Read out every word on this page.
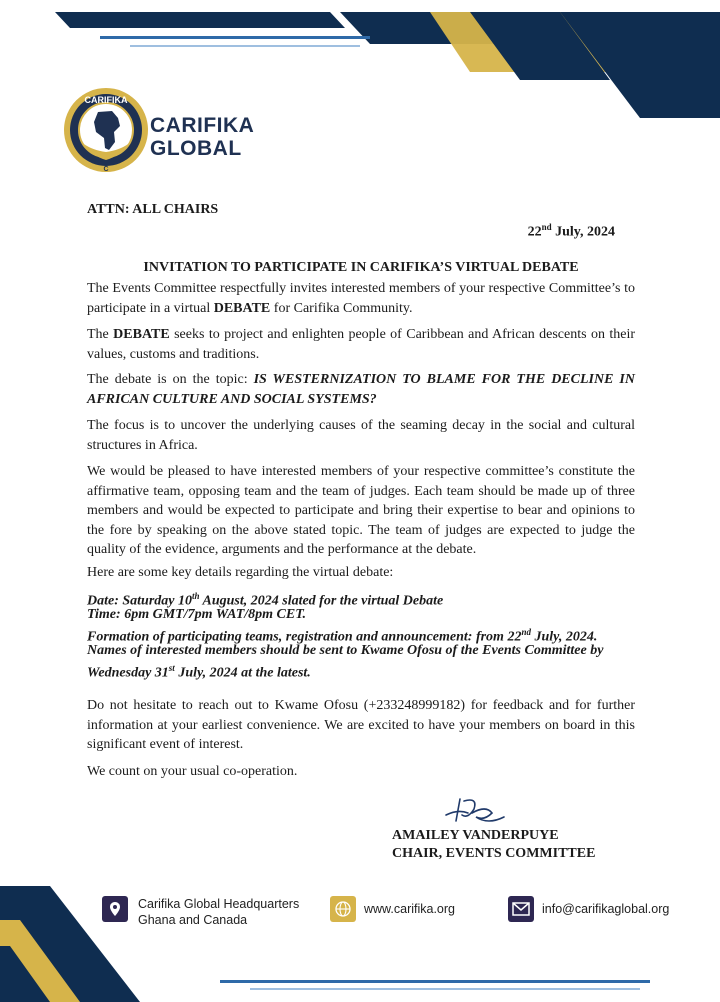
CARIFIKA
C
CARIFIKA
GLOBAL
ATTN: ALL CHAIRS
22nd July, 2024
INVITATION TO PARTICIPATE IN CARIFIKA’S VIRTUAL DEBATE
The Events Committee respectfully invites interested members of your respective Committee’s to participate in a virtual DEBATE for Carifika Community.
The DEBATE seeks to project and enlighten people of Caribbean and African descents on their values, customs and traditions.
The debate is on the topic: IS WESTERNIZATION TO BLAME FOR THE DECLINE IN AFRICAN CULTURE AND SOCIAL SYSTEMS?
The focus is to uncover the underlying causes of the seaming decay in the social and cultural structures in Africa.
We would be pleased to have interested members of your respective committee’s constitute the affirmative team, opposing team and the team of judges. Each team should be made up of three members and would be expected to participate and bring their expertise to bear and opinions to the fore by speaking on the above stated topic. The team of judges are expected to judge the quality of the evidence, arguments and the performance at the debate.
Here are some key details regarding the virtual debate:
Date: Saturday 10th August, 2024 slated for the virtual Debate
Time: 6pm GMT/7pm WAT/8pm CET.
Formation of participating teams, registration and announcement: from 22nd July, 2024.
Names of interested members should be sent to Kwame Ofosu of the Events Committee by Wednesday 31st July, 2024 at the latest.
Do not hesitate to reach out to Kwame Ofosu (+233248999182) for feedback and for further information at your earliest convenience. We are excited to have your members on board in this significant event of interest.
We count on your usual co-operation.
AMAILEY VANDERPUYE
CHAIR, EVENTS COMMITTEE
Carifika Global Headquarters
Ghana and Canada
www.carifika.org	info@carifikaglobal.org
